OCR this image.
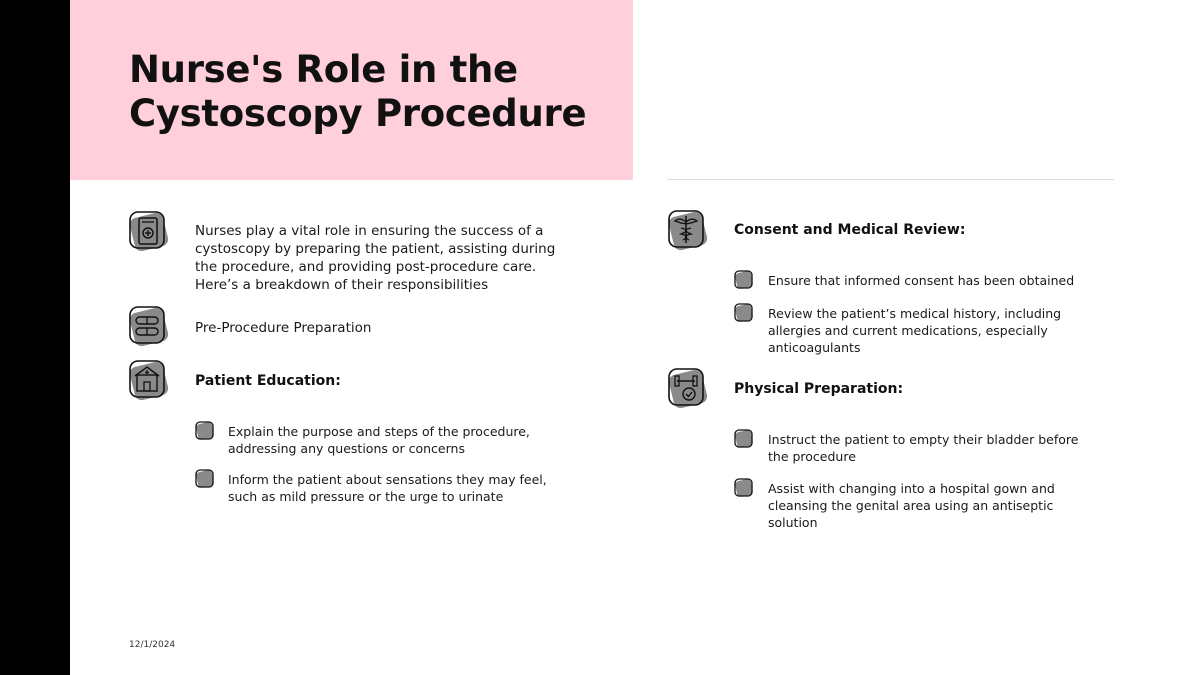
Nurse's Role in the Cystoscopy Procedure

Nurses play a vital role in ensuring the success of a cystoscopy by preparing the patient, assisting during the procedure, and providing post-procedure care. Here’s a breakdown of their responsibilities

Pre-Procedure Preparation

Patient Education:

Explain the purpose and steps of the procedure, addressing any questions or concerns

Inform the patient about sensations they may feel, such as mild pressure or the urge to urinate

Consent and Medical Review:

Ensure that informed consent has been obtained

Review the patient’s medical history, including allergies and current medications, especially anticoagulants

Physical Preparation:

Instruct the patient to empty their bladder before the procedure

Assist with changing into a hospital gown and cleansing the genital area using an antiseptic solution

12/1/2024
